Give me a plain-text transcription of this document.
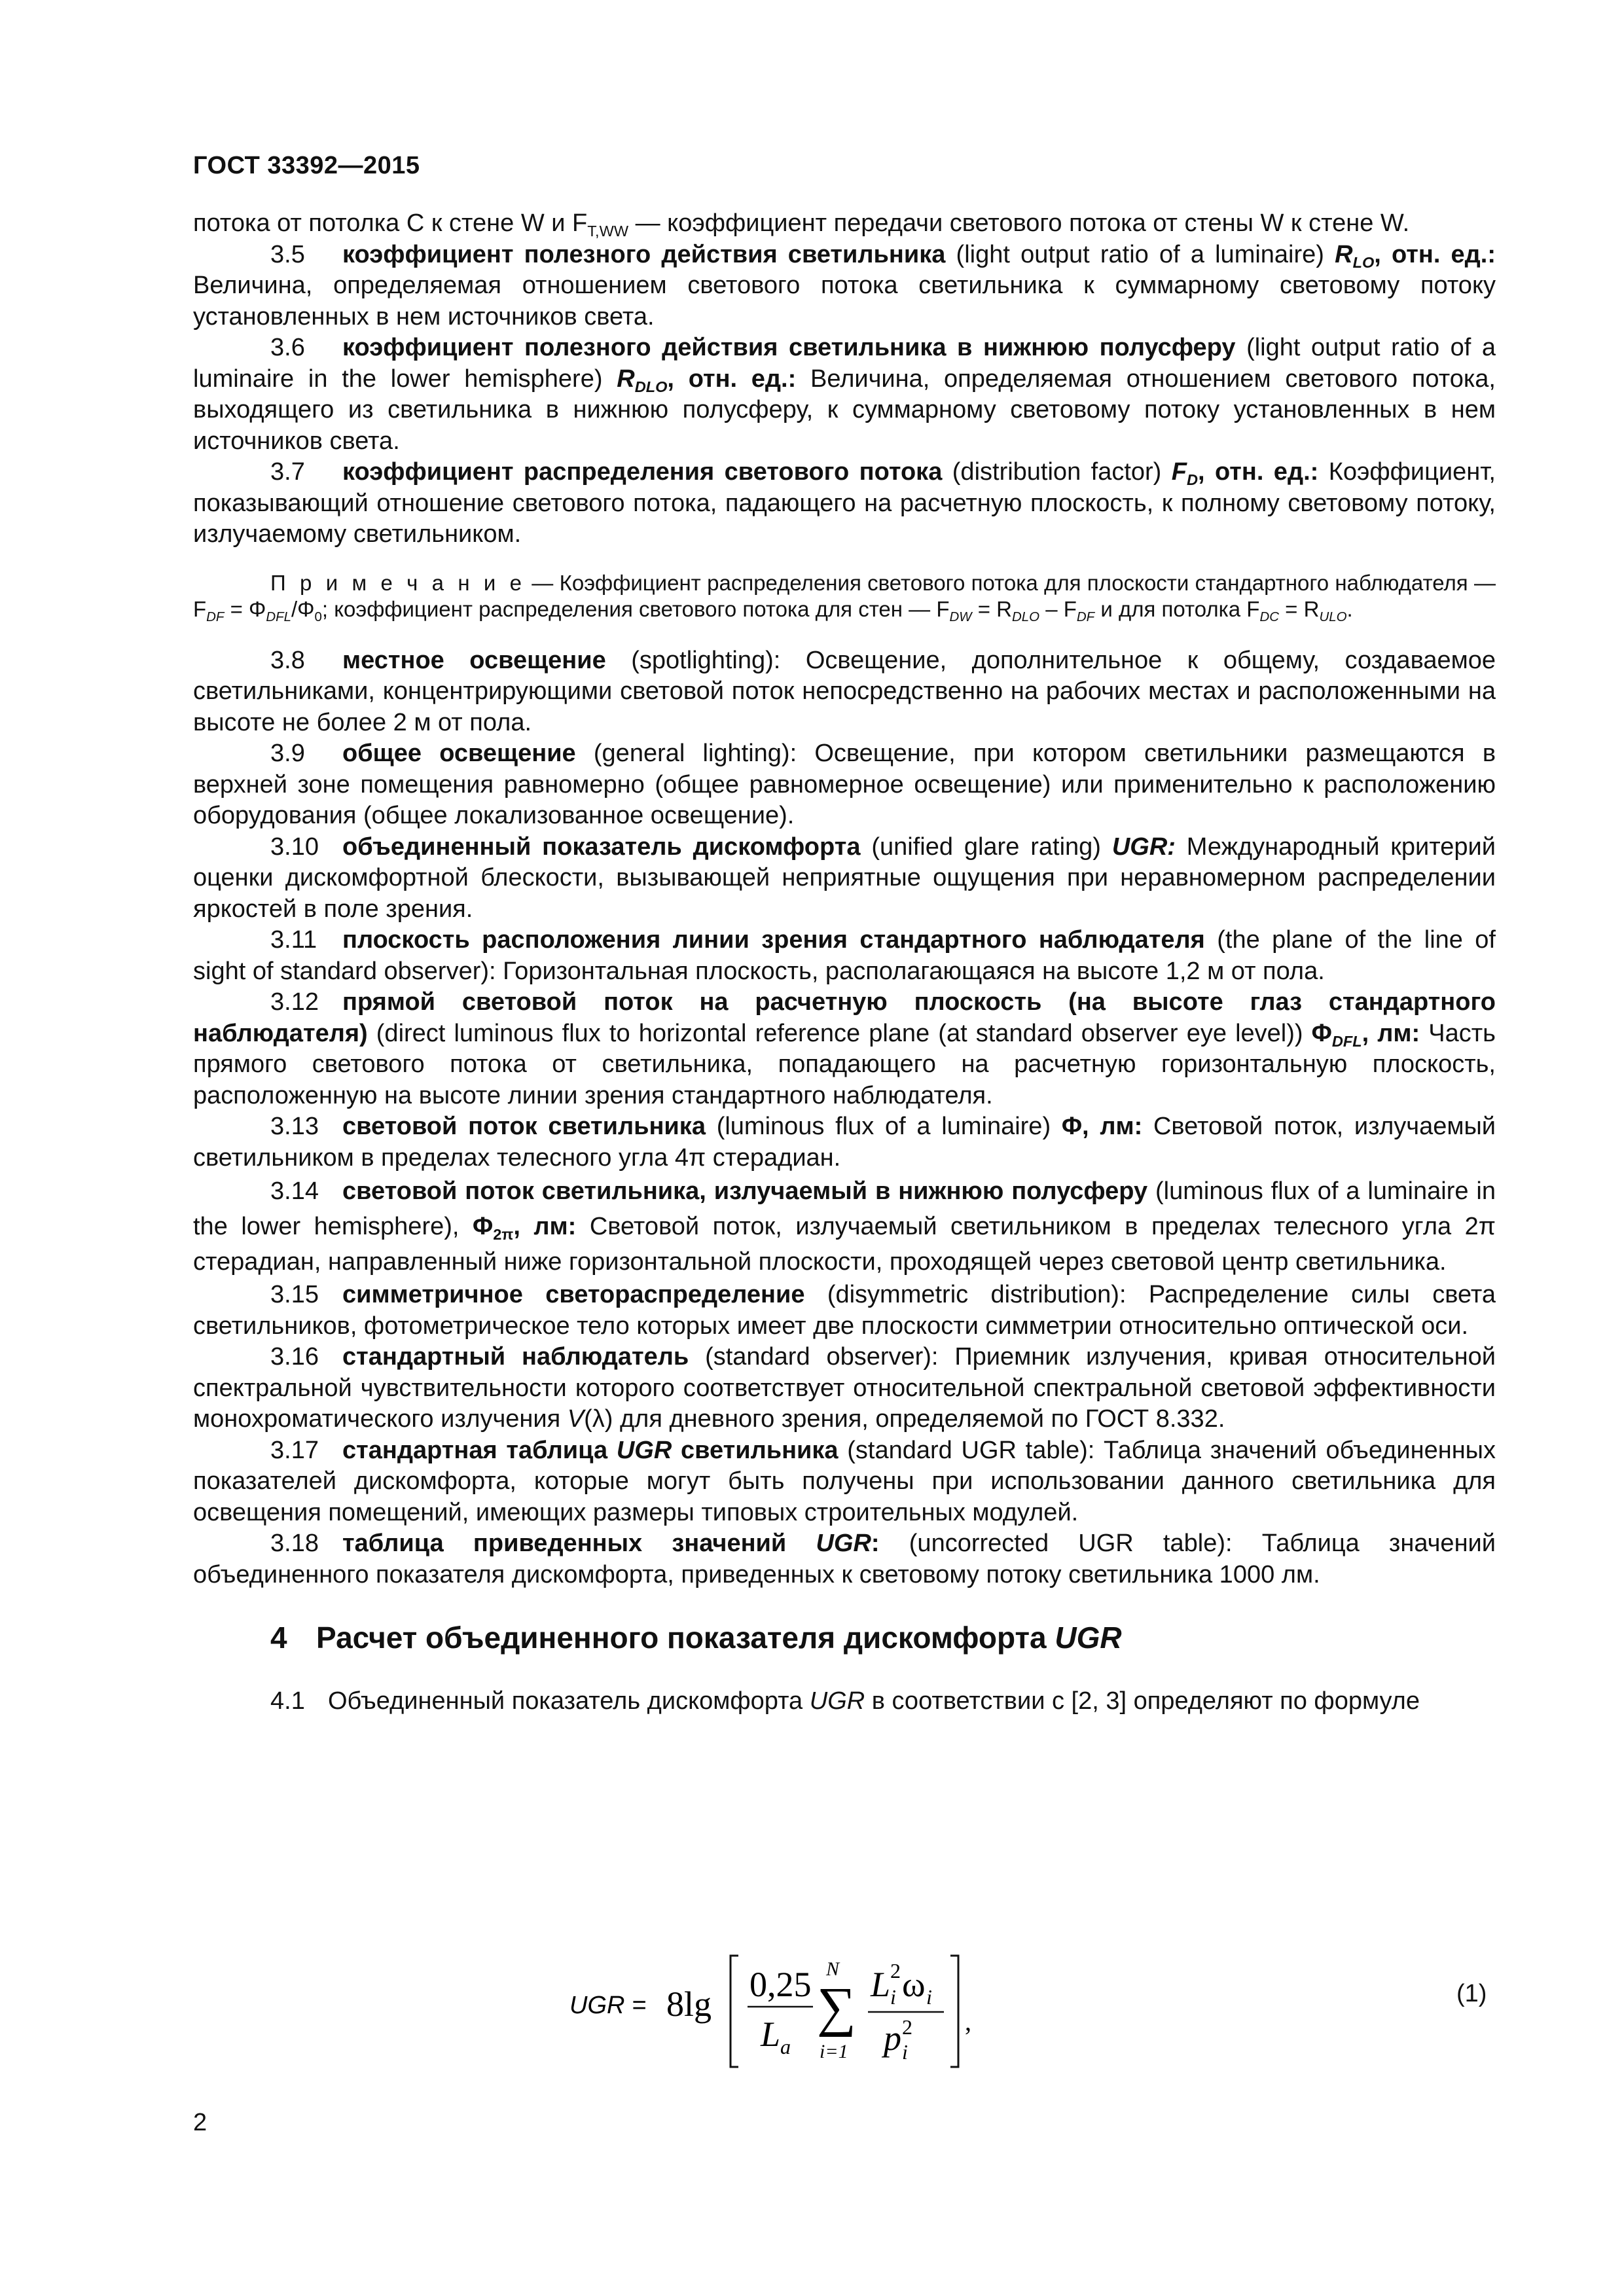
ГОСТ 33392—2015

потока от потолка C к стене W и $F_{T,WW}$ — коэффициент передачи светового потока от стены W к стене W.

3.5 коэффициент полезного действия светильника (light output ratio of a luminaire) $R_{LO}$, отн. ед.: Величина, определяемая отношением светового потока светильника к суммарному световому потоку установленных в нем источников света.

3.6 коэффициент полезного действия светильника в нижнюю полусферу (light output ratio of a luminaire in the lower hemisphere) $R_{DLO}$, отн. ед.: Величина, определяемая отношением светового потока, выходящего из светильника в нижнюю полусферу, к суммарному световому потоку установленных в нем источников света.

3.7 коэффициент распределения светового потока (distribution factor) $F_D$, отн. ед.: Коэффициент, показывающий отношение светового потока, падающего на расчетную плоскость, к полному световому потоку, излучаемому светильником.

П р и м е ч а н и е — Коэффициент распределения светового потока для плоскости стандартного наблюдателя — $F_{DF} = \Phi_{DFL}/\Phi_0$; коэффициент распределения светового потока для стен — $F_{DW} = R_{DLO} - F_{DF}$ и для потолка $F_{DC} = R_{ULO}$.

3.8 местное освещение (spotlighting): Освещение, дополнительное к общему, создаваемое светильниками, концентрирующими световой поток непосредственно на рабочих местах и расположенными на высоте не более 2 м от пола.

3.9 общее освещение (general lighting): Освещение, при котором светильники размещаются в верхней зоне помещения равномерно (общее равномерное освещение) или применительно к расположению оборудования (общее локализованное освещение).

3.10 объединенный показатель дискомфорта (unified glare rating) UGR: Международный критерий оценки дискомфортной блескости, вызывающей неприятные ощущения при неравномерном распределении яркостей в поле зрения.

3.11 плоскость расположения линии зрения стандартного наблюдателя (the plane of the line of sight of standard observer): Горизонтальная плоскость, располагающаяся на высоте 1,2 м от пола.

3.12 прямой световой поток на расчетную плоскость (на высоте глаз стандартного наблюдателя) (direct luminous flux to horizontal reference plane (at standard observer eye level)) $\Phi_{DFL}$, лм: Часть прямого светового потока от светильника, попадающего на расчетную горизонтальную плоскость, расположенную на высоте линии зрения стандартного наблюдателя.

3.13 световой поток светильника (luminous flux of a luminaire) Φ, лм: Световой поток, излучаемый светильником в пределах телесного угла 4π стерадиан.

3.14 световой поток светильника, излучаемый в нижнюю полусферу (luminous flux of a luminaire in the lower hemisphere), $\Phi_{2\pi}$, лм: Световой поток, излучаемый светильником в пределах телесного угла 2π стерадиан, направленный ниже горизонтальной плоскости, проходящей через световой центр светильника.

3.15 симметричное светораспределение (disymmetric distribution): Распределение силы света светильников, фотометрическое тело которых имеет две плоскости симметрии относительно оптической оси.

3.16 стандартный наблюдатель (standard observer): Приемник излучения, кривая относительной спектральной чувствительности которого соответствует относительной спектральной световой эффективности монохроматического излучения V(λ) для дневного зрения, определяемой по ГОСТ 8.332.

3.17 стандартная таблица UGR светильника (standard UGR table): Таблица значений объединенных показателей дискомфорта, которые могут быть получены при использовании данного светильника для освещения помещений, имеющих размеры типовых строительных модулей.

3.18 таблица приведенных значений UGR: (uncorrected UGR table): Таблица значений объединенного показателя дискомфорта, приведенных к световому потоку светильника 1000 лм.

4 Расчет объединенного показателя дискомфорта UGR

4.1 Объединенный показатель дискомфорта UGR в соответствии с [2, 3] определяют по формуле

UGR = 8lg 0,25
L a
N
∑
i=1
L 2
i ω i
p 2
i
,
(1)
2
